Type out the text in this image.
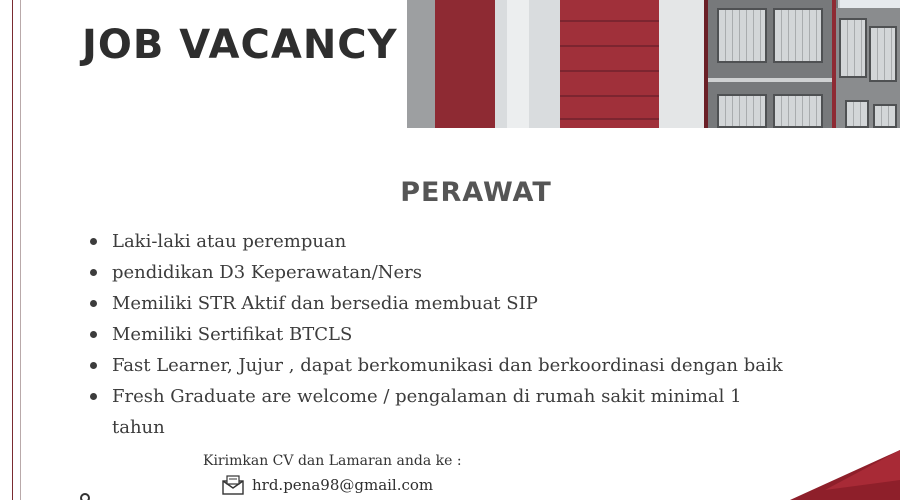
JOB VACANCY
PERAWAT
Laki-laki atau perempuan
pendidikan D3 Keperawatan/Ners
Memiliki STR Aktif dan bersedia membuat SIP
Memiliki Sertifikat BTCLS
Fast Learner, Jujur , dapat berkomunikasi dan berkoordinasi dengan baik
Fresh Graduate are welcome / pengalaman di rumah sakit minimal 1
tahun
Kirimkan CV dan Lamaran anda ke :
hrd.pena98@gmail.com
